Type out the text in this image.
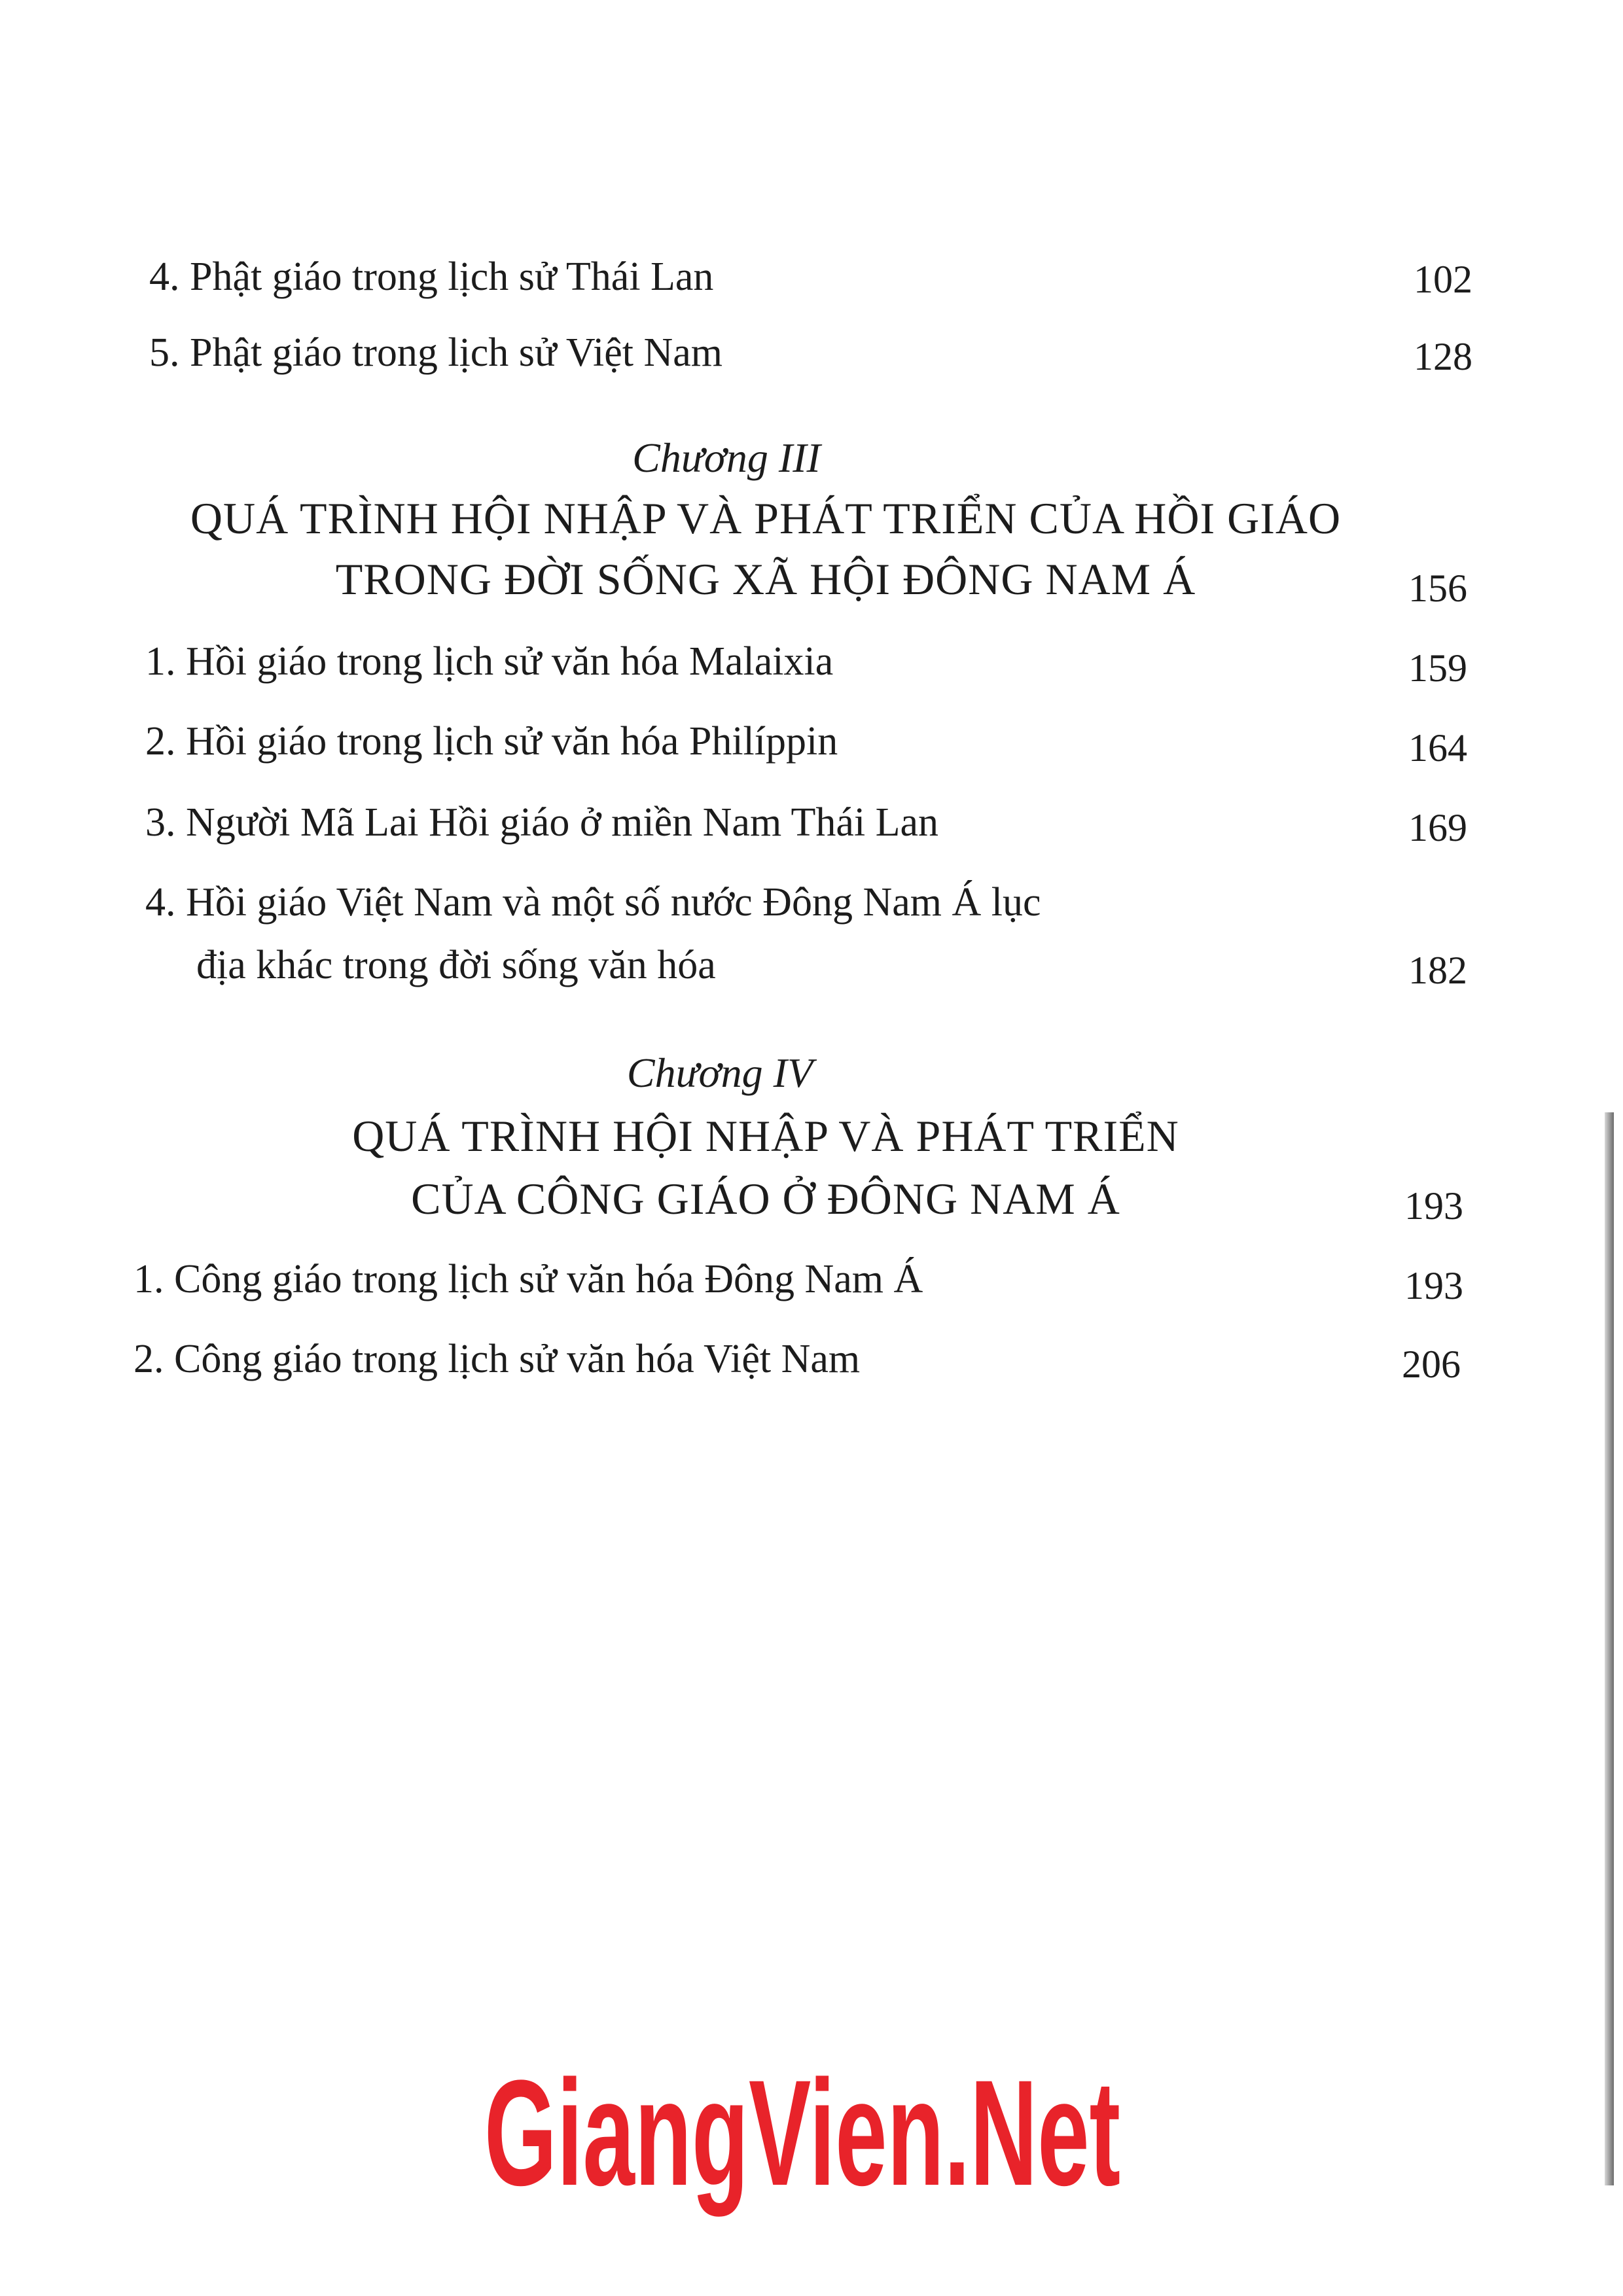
4. Phật giáo trong lịch sử Thái Lan	102
5. Phật giáo trong lịch sử Việt Nam	128
Chương III
QUÁ TRÌNH HỘI NHẬP VÀ PHÁT TRIỂN CỦA HỒI GIÁO
TRONG ĐỜI SỐNG XÃ HỘI ĐÔNG NAM Á	156
1. Hồi giáo trong lịch sử văn hóa Malaixia	159
2. Hồi giáo trong lịch sử văn hóa Philíppin	164
3. Người Mã Lai Hồi giáo ở miền Nam Thái Lan	169
4. Hồi giáo Việt Nam và một số nước Đông Nam Á lục
địa khác trong đời sống văn hóa	182
Chương IV
QUÁ TRÌNH HỘI NHẬP VÀ PHÁT TRIỂN
CỦA CÔNG GIÁO Ở ĐÔNG NAM Á	193
1. Công giáo trong lịch sử văn hóa Đông Nam Á	193
2. Công giáo trong lịch sử văn hóa Việt Nam	206
GiangVien.Net
